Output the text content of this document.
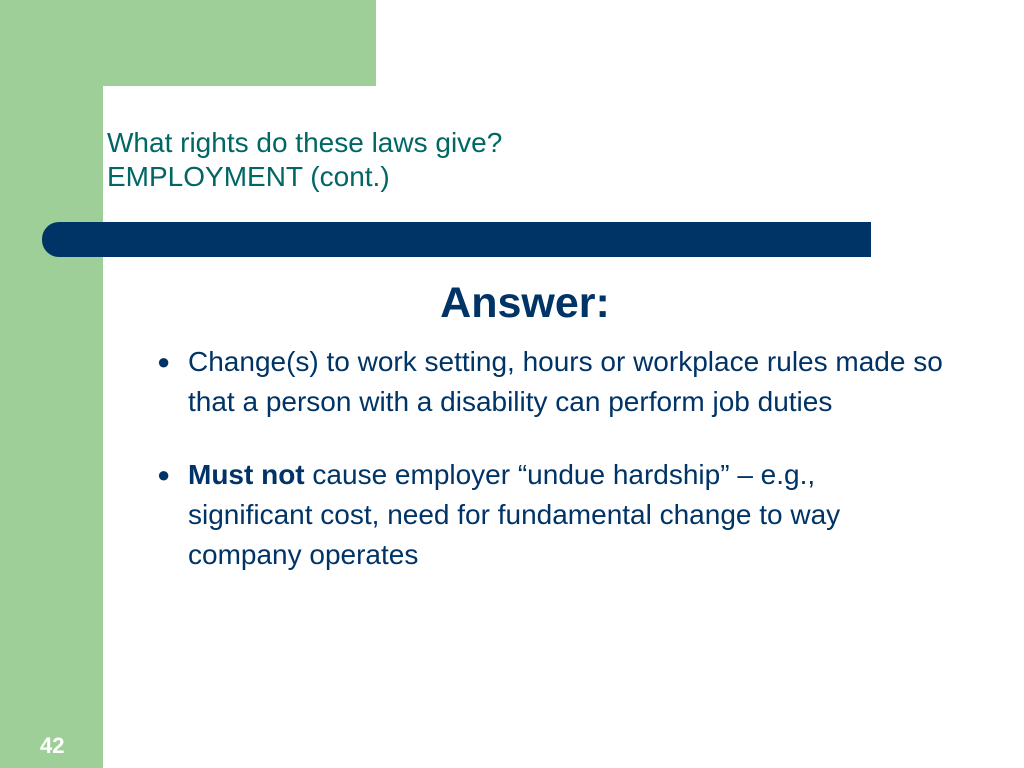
What rights do these laws give?
EMPLOYMENT (cont.)
Answer:
● Change(s) to work setting, hours or workplace rules made so that a person with a disability can perform job duties
● Must not cause employer “undue hardship” – e.g., significant cost, need for fundamental change to way company operates
42
